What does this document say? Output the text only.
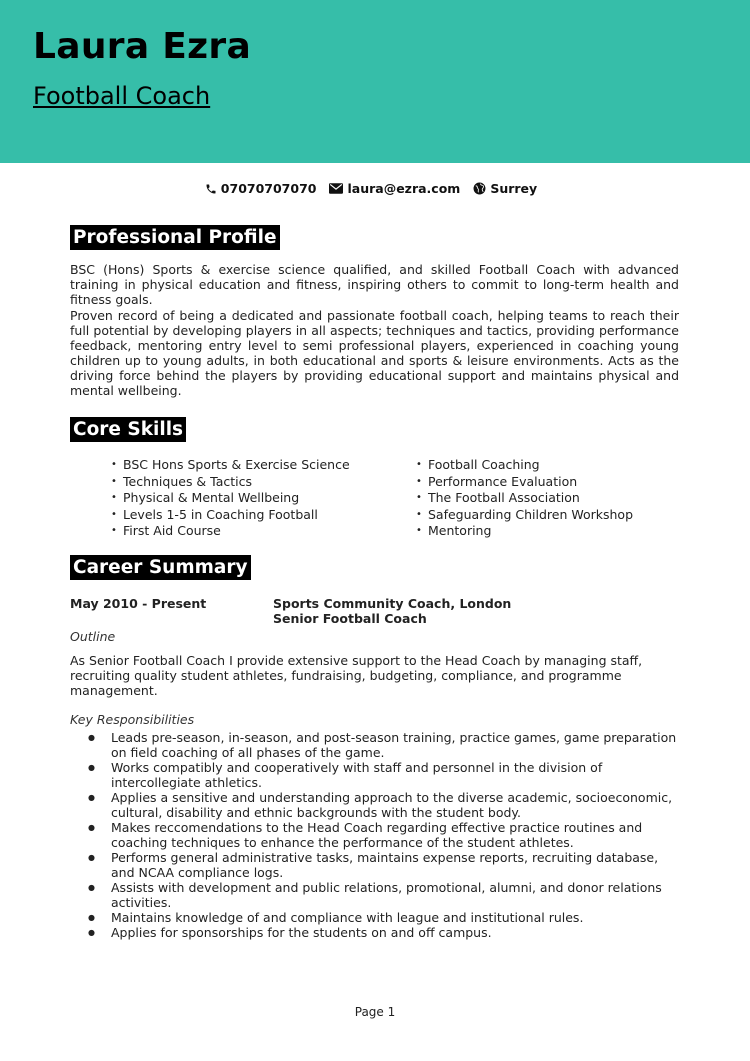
Laura Ezra
Football Coach
07070707070 laura@ezra.com Surrey
Professional Profile

BSC (Hons) Sports & exercise science qualified, and skilled Football Coach with advanced training in physical education and fitness, inspiring others to commit to long-term health and fitness goals.

Proven record of being a dedicated and passionate football coach, helping teams to reach their full potential by developing players in all aspects; techniques and tactics, providing performance feedback, mentoring entry level to semi professional players, experienced in coaching young children up to young adults, in both educational and sports & leisure environments. Acts as the driving force behind the players by providing educational support and maintains physical and mental wellbeing.

Core Skills
• BSC Hons Sports & Exercise Science
• Techniques & Tactics
• Physical & Mental Wellbeing
• Levels 1-5 in Coaching Football
• First Aid Course
• Football Coaching
• Performance Evaluation
• The Football Association
• Safeguarding Children Workshop
• Mentoring
Career Summary
May 2010 - Present	Sports Community Coach, London
Senior Football Coach
Outline

As Senior Football Coach I provide extensive support to the Head Coach by managing staff, recruiting quality student athletes, fundraising, budgeting, compliance, and programme management.

Key Responsibilities
● Leads pre-season, in-season, and post-season training, practice games, game preparation on field coaching of all phases of the game.
● Works compatibly and cooperatively with staff and personnel in the division of intercollegiate athletics.
● Applies a sensitive and understanding approach to the diverse academic, socioeconomic, cultural, disability and ethnic backgrounds with the student body.
● Makes reccomendations to the Head Coach regarding effective practice routines and coaching techniques to enhance the performance of the student athletes.
● Performs general administrative tasks, maintains expense reports, recruiting database, and NCAA compliance logs.
● Assists with development and public relations, promotional, alumni, and donor relations activities.
● Maintains knowledge of and compliance with league and institutional rules.
● Applies for sponsorships for the students on and off campus.
Page 1
